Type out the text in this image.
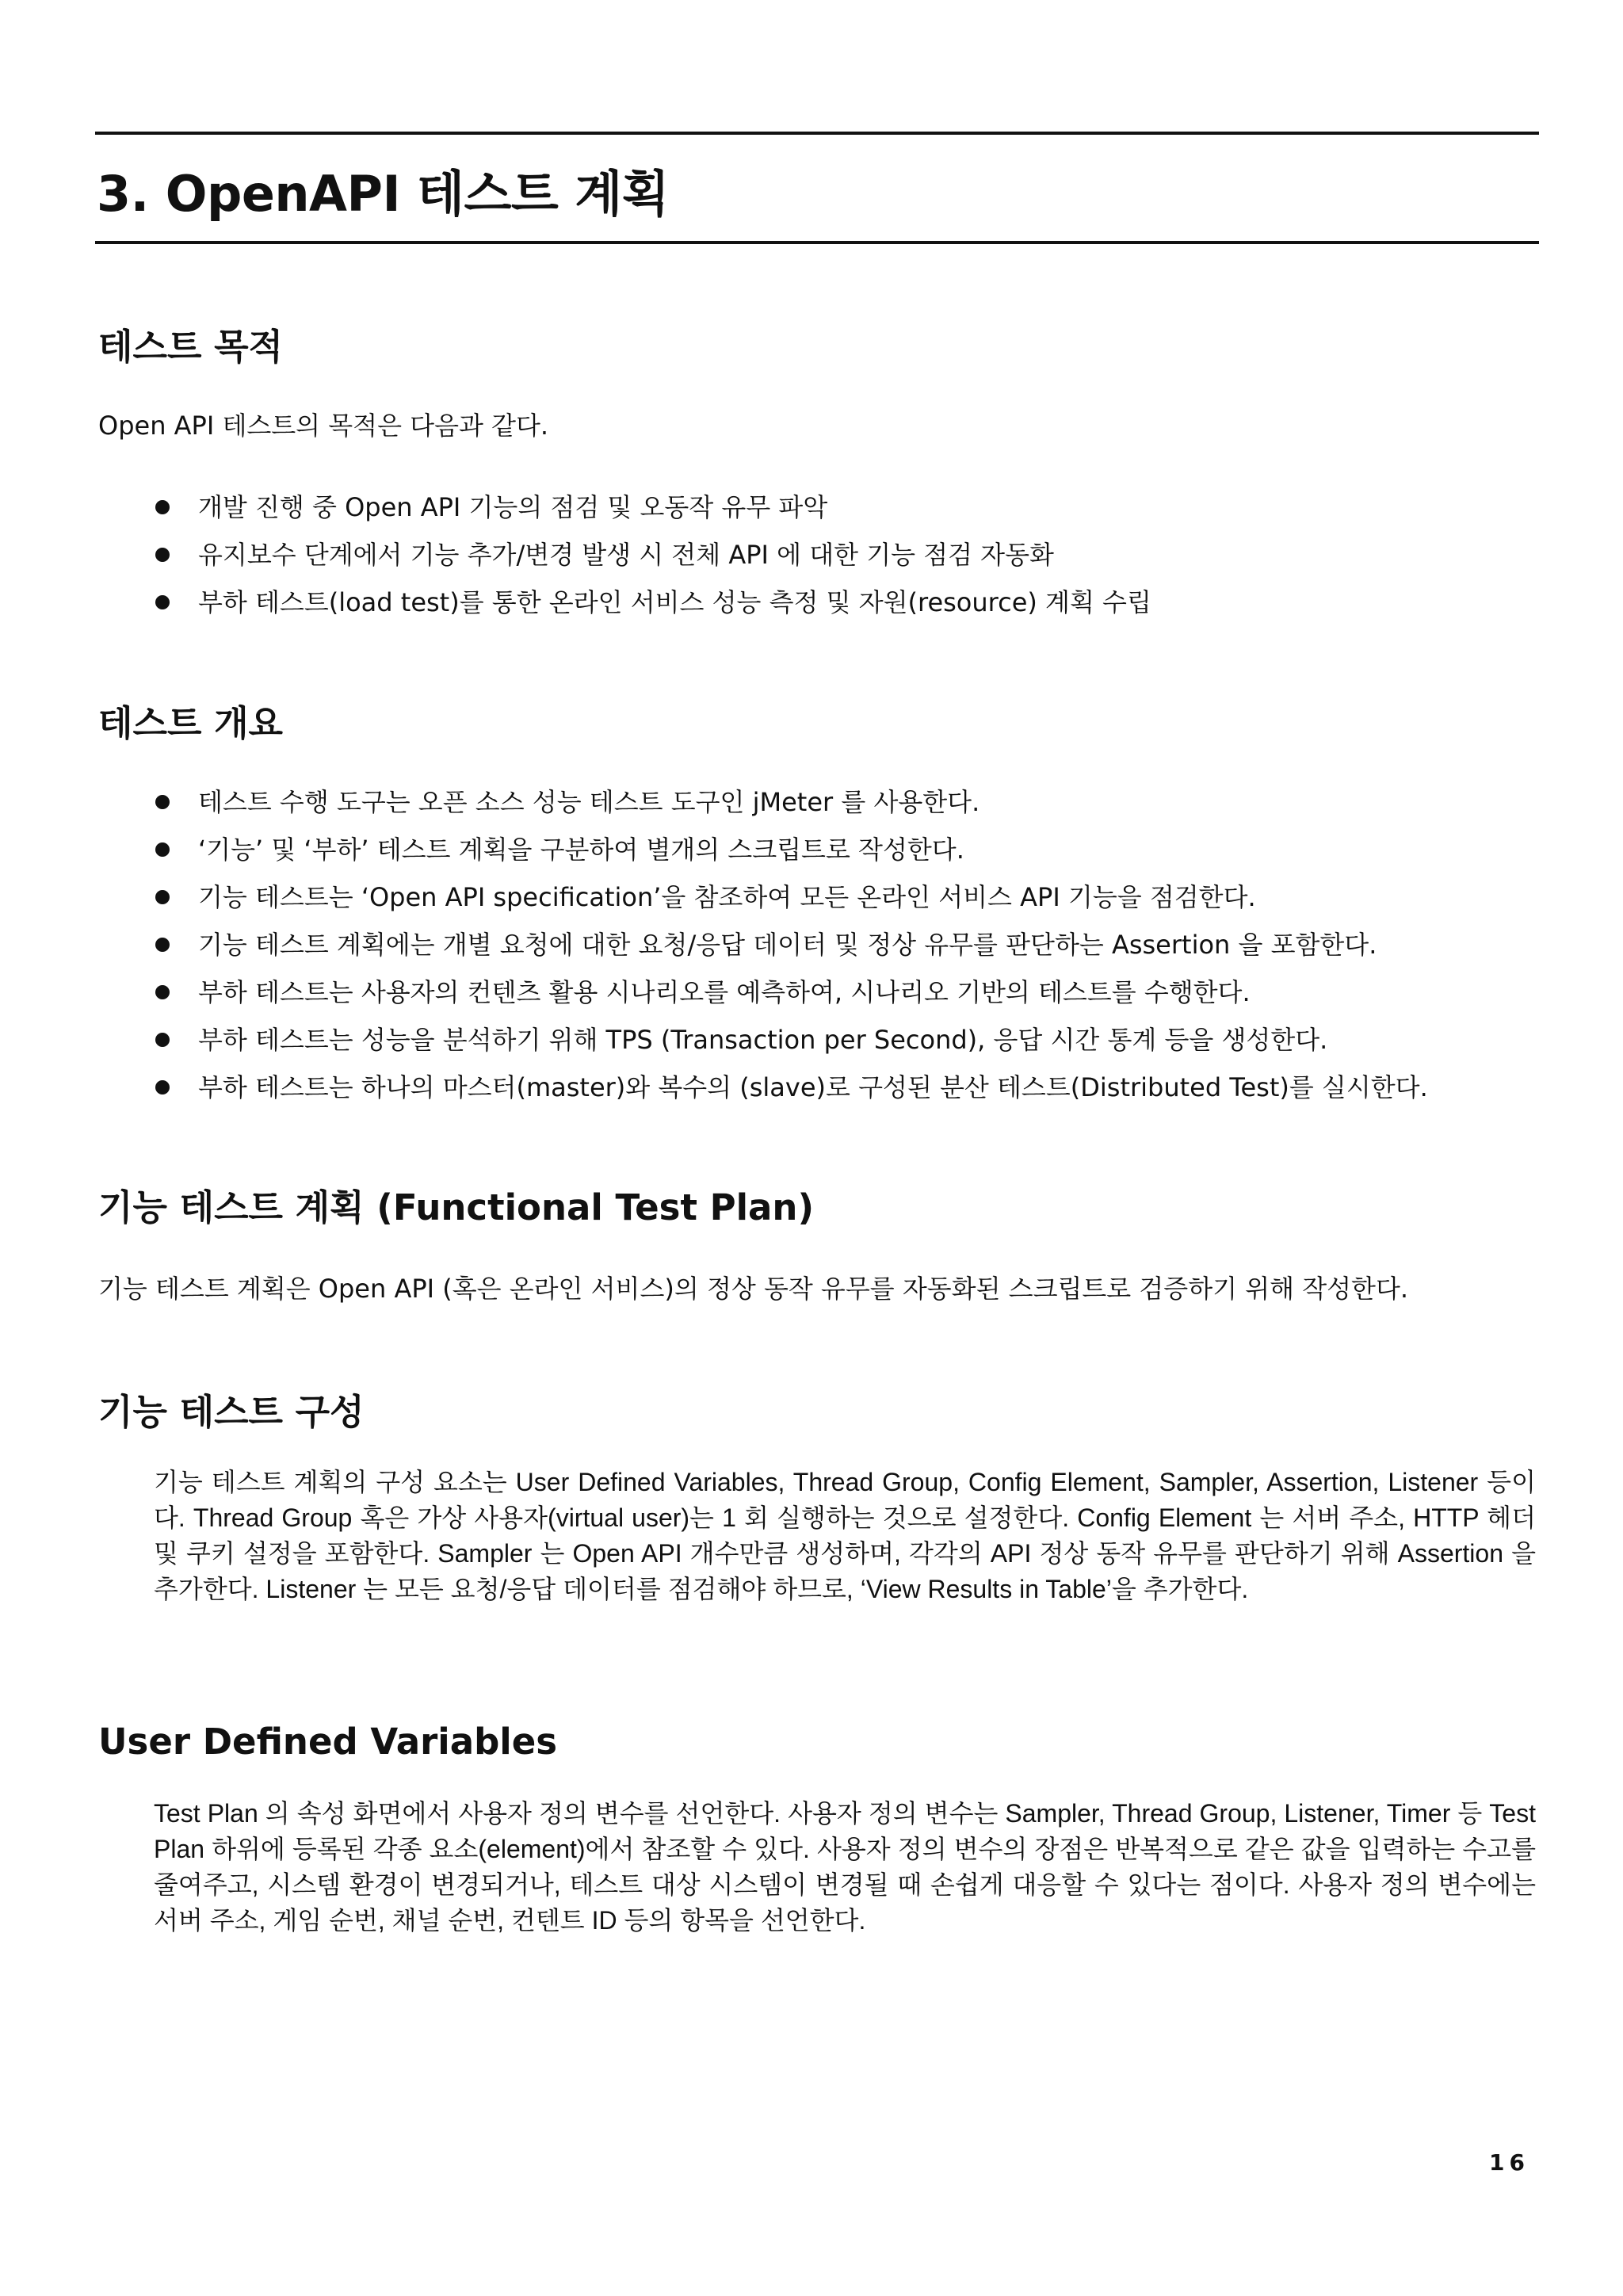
3. OpenAPI 테스트 계획
테스트 목적

Open API 테스트의 목적은 다음과 같다.

개발 진행 중 Open API 기능의 점검 및 오동작 유무 파악
유지보수 단계에서 기능 추가/변경 발생 시 전체 API 에 대한 기능 점검 자동화
부하 테스트(load test)를 통한 온라인 서비스 성능 측정 및 자원(resource) 계획 수립
테스트 개요
테스트 수행 도구는 오픈 소스 성능 테스트 도구인 jMeter 를 사용한다.
‘기능’ 및 ‘부하’ 테스트 계획을 구분하여 별개의 스크립트로 작성한다.
기능 테스트는 ‘Open API specification’을 참조하여 모든 온라인 서비스 API 기능을 점검한다.
기능 테스트 계획에는 개별 요청에 대한 요청/응답 데이터 및 정상 유무를 판단하는 Assertion 을 포함한다.
부하 테스트는 사용자의 컨텐츠 활용 시나리오를 예측하여, 시나리오 기반의 테스트를 수행한다.
부하 테스트는 성능을 분석하기 위해 TPS (Transaction per Second), 응답 시간 통계 등을 생성한다.
부하 테스트는 하나의 마스터(master)와 복수의 (slave)로 구성된 분산 테스트(Distributed Test)를 실시한다.
기능 테스트 계획 (Functional Test Plan)

기능 테스트 계획은 Open API (혹은 온라인 서비스)의 정상 동작 유무를 자동화된 스크립트로 검증하기 위해 작성한다.

기능 테스트 구성

기능 테스트 계획의 구성 요소는 User Defined Variables, Thread Group, Config Element, Sampler, Assertion, Listener 등이다. Thread Group 혹은 가상 사용자(virtual user)는 1 회 실행하는 것으로 설정한다. Config Element 는 서버 주소, HTTP 헤더 및 쿠키 설정을 포함한다. Sampler 는 Open API 개수만큼 생성하며, 각각의 API 정상 동작 유무를 판단하기 위해 Assertion 을 추가한다. Listener 는 모든 요청/응답 데이터를 점검해야 하므로, ‘View Results in Table’을 추가한다.

User Defined Variables

Test Plan 의 속성 화면에서 사용자 정의 변수를 선언한다. 사용자 정의 변수는 Sampler, Thread Group, Listener, Timer 등 Test Plan 하위에 등록된 각종 요소(element)에서 참조할 수 있다. 사용자 정의 변수의 장점은 반복적으로 같은 값을 입력하는 수고를 줄여주고, 시스템 환경이 변경되거나, 테스트 대상 시스템이 변경될 때 손쉽게 대응할 수 있다는 점이다. 사용자 정의 변수에는 서버 주소, 게임 순번, 채널 순번, 컨텐트 ID 등의 항목을 선언한다.

16
